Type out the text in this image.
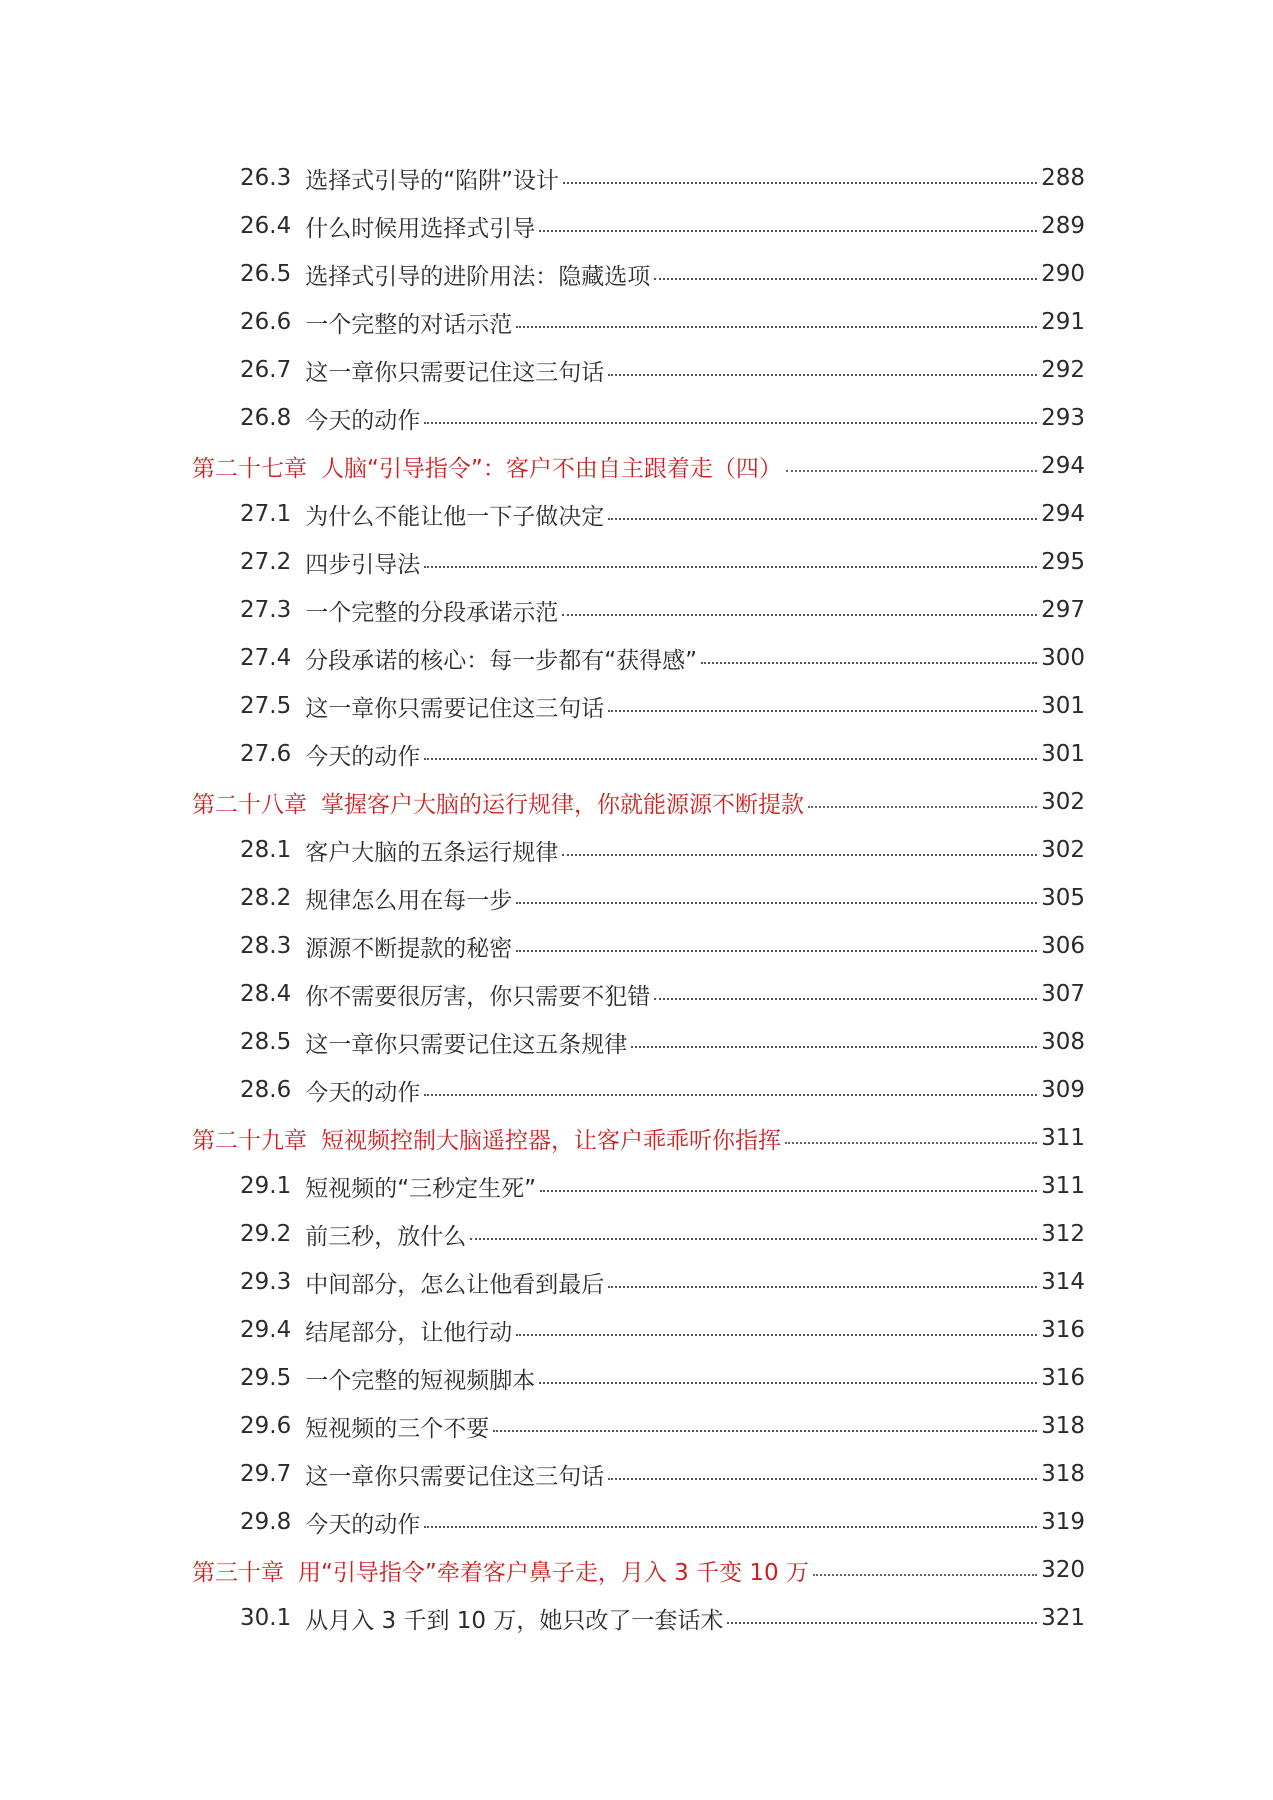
26.3 选择式引导的“陷阱”设计	288
26.4 什么时候用选择式引导	289
26.5 选择式引导的进阶用法：隐藏选项	290
26.6 一个完整的对话示范	291
26.7 这一章你只需要记住这三句话	292
26.8 今天的动作	293
第二十七章 人脑“引导指令”：客户不由自主跟着走（四）	294
27.1 为什么不能让他一下子做决定	294
27.2 四步引导法	295
27.3 一个完整的分段承诺示范	297
27.4 分段承诺的核心：每一步都有“获得感”	300
27.5 这一章你只需要记住这三句话	301
27.6 今天的动作	301
第二十八章 掌握客户大脑的运行规律，你就能源源不断提款	302
28.1 客户大脑的五条运行规律	302
28.2 规律怎么用在每一步	305
28.3 源源不断提款的秘密	306
28.4 你不需要很厉害，你只需要不犯错	307
28.5 这一章你只需要记住这五条规律	308
28.6 今天的动作	309
第二十九章 短视频控制大脑遥控器，让客户乖乖听你指挥	311
29.1 短视频的“三秒定生死”	311
29.2 前三秒，放什么	312
29.3 中间部分，怎么让他看到最后	314
29.4 结尾部分，让他行动	316
29.5 一个完整的短视频脚本	316
29.6 短视频的三个不要	318
29.7 这一章你只需要记住这三句话	318
29.8 今天的动作	319
第三十章 用“引导指令”牵着客户鼻子走，月入 3 千变 10 万	320
30.1 从月入 3 千到 10 万，她只改了一套话术	321
